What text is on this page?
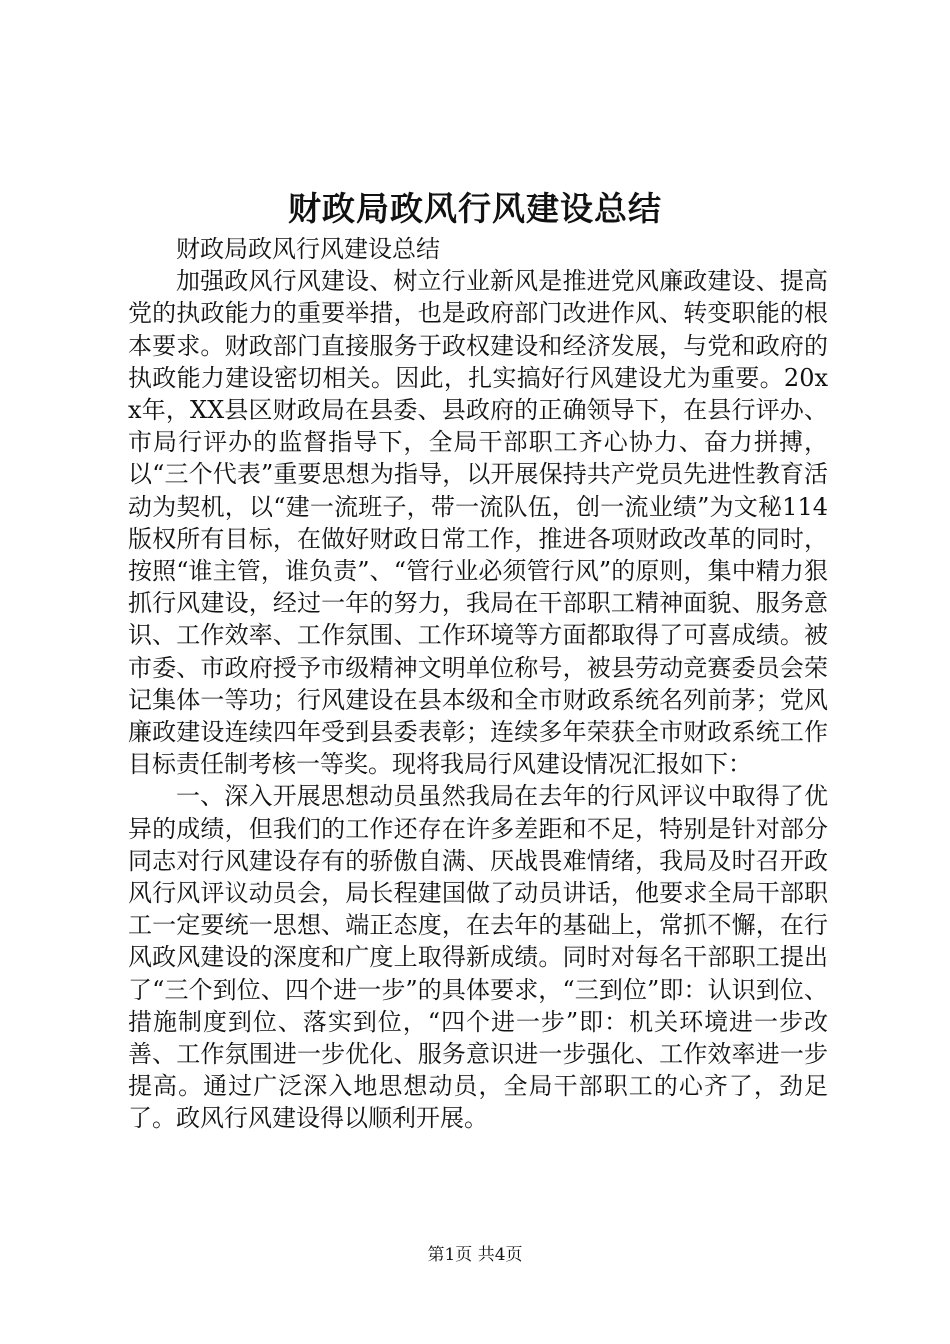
财政局政风行风建设总结

财政局政风行风建设总结

加强政风行风建设、树立行业新风是推进党风廉政建设、提高党的执政能力的重要举措，也是政府部门改进作风、转变职能的根本要求。财政部门直接服务于政权建设和经济发展，与党和政府的执政能力建设密切相关。因此，扎实搞好行风建设尤为重要。20xx年，XX县区财政局在县委、县政府的正确领导下，在县行评办、市局行评办的监督指导下，全局干部职工齐心协力、奋力拼搏，以“三个代表”重要思想为指导，以开展保持共产党员先进性教育活动为契机，以“建一流班子，带一流队伍，创一流业绩”为文秘114版权所有目标，在做好财政日常工作，推进各项财政改革的同时，按照“谁主管，谁负责”、“管行业必须管行风”的原则，集中精力狠抓行风建设，经过一年的努力，我局在干部职工精神面貌、服务意识、工作效率、工作氛围、工作环境等方面都取得了可喜成绩。被市委、市政府授予市级精神文明单位称号，被县劳动竞赛委员会荣记集体一等功；行风建设在县本级和全市财政系统名列前茅；党风廉政建设连续四年受到县委表彰；连续多年荣获全市财政系统工作目标责任制考核一等奖。现将我局行风建设情况汇报如下：

一、深入开展思想动员虽然我局在去年的行风评议中取得了优异的成绩，但我们的工作还存在许多差距和不足，特别是针对部分同志对行风建设存有的骄傲自满、厌战畏难情绪，我局及时召开政风行风评议动员会，局长程建国做了动员讲话，他要求全局干部职工一定要统一思想、端正态度，在去年的基础上，常抓不懈，在行风政风建设的深度和广度上取得新成绩。同时对每名干部职工提出了“三个到位、四个进一步”的具体要求，“三到位”即：认识到位、措施制度到位、落实到位，“四个进一步”即：机关环境进一步改善、工作氛围进一步优化、服务意识进一步强化、工作效率进一步提高。通过广泛深入地思想动员，全局干部职工的心齐了，劲足了。政风行风建设得以顺利开展。

第1页 共4页
